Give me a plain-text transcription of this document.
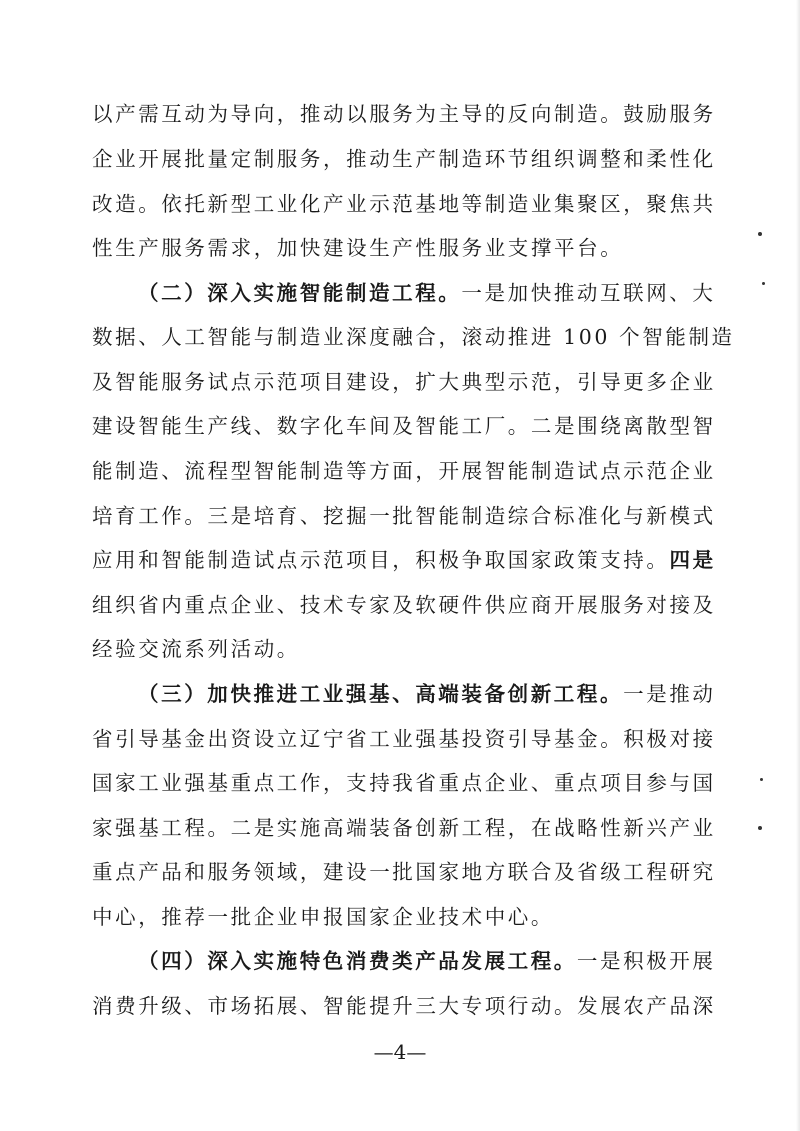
以产需互动为导向，推动以服务为主导的反向制造。鼓励服务
企业开展批量定制服务，推动生产制造环节组织调整和柔性化
改造。依托新型工业化产业示范基地等制造业集聚区，聚焦共
性生产服务需求，加快建设生产性服务业支撑平台。
（二）深入实施智能制造工程。一是加快推动互联网、大
数据、人工智能与制造业深度融合，滚动推进 100 个智能制造
及智能服务试点示范项目建设，扩大典型示范，引导更多企业
建设智能生产线、数字化车间及智能工厂。二是围绕离散型智
能制造、流程型智能制造等方面，开展智能制造试点示范企业
培育工作。三是培育、挖掘一批智能制造综合标准化与新模式
应用和智能制造试点示范项目，积极争取国家政策支持。四是
组织省内重点企业、技术专家及软硬件供应商开展服务对接及
经验交流系列活动。
（三）加快推进工业强基、高端装备创新工程。一是推动
省引导基金出资设立辽宁省工业强基投资引导基金。积极对接
国家工业强基重点工作，支持我省重点企业、重点项目参与国
家强基工程。二是实施高端装备创新工程，在战略性新兴产业
重点产品和服务领域，建设一批国家地方联合及省级工程研究
中心，推荐一批企业申报国家企业技术中心。
（四）深入实施特色消费类产品发展工程。一是积极开展
消费升级、市场拓展、智能提升三大专项行动。发展农产品深
—4—
